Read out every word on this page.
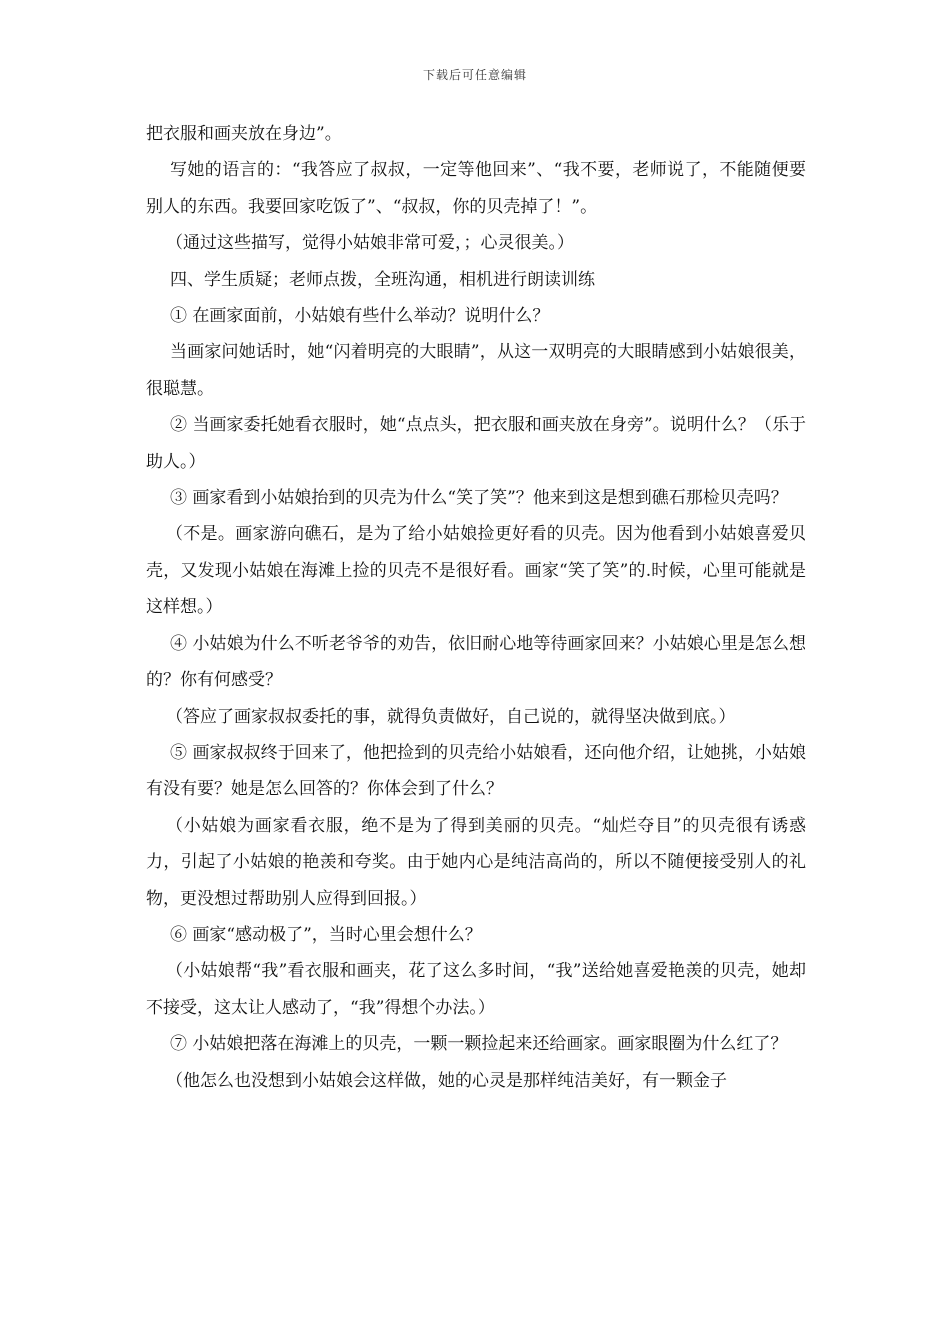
下载后可任意编辑

把衣服和画夹放在身边”。

写她的语言的：“我答应了叔叔，一定等他回来”、“我不要，老师说了，不能随便要别人的东西。我要回家吃饭了”、“叔叔，你的贝壳掉了！”。

（通过这些描写，觉得小姑娘非常可爱，；心灵很美。）

四、学生质疑；老师点拨，全班沟通，相机进行朗读训练

① 在画家面前，小姑娘有些什么举动？说明什么？

当画家问她话时，她“闪着明亮的大眼睛”，从这一双明亮的大眼睛感到小姑娘很美，很聪慧。

② 当画家委托她看衣服时，她“点点头，把衣服和画夹放在身旁”。说明什么？（乐于助人。）

③ 画家看到小姑娘抬到的贝壳为什么“笑了笑”？他来到这是想到礁石那检贝壳吗？

（不是。画家游向礁石，是为了给小姑娘捡更好看的贝壳。因为他看到小姑娘喜爱贝壳，又发现小姑娘在海滩上捡的贝壳不是很好看。画家“笑了笑”的.时候，心里可能就是这样想。）

④ 小姑娘为什么不听老爷爷的劝告，依旧耐心地等待画家回来？小姑娘心里是怎么想的？你有何感受？

（答应了画家叔叔委托的事，就得负责做好，自己说的，就得坚决做到底。）

⑤ 画家叔叔终于回来了，他把捡到的贝壳给小姑娘看，还向他介绍，让她挑，小姑娘有没有要？她是怎么回答的？你体会到了什么？

（小姑娘为画家看衣服，绝不是为了得到美丽的贝壳。“灿烂夺目”的贝壳很有诱惑力，引起了小姑娘的艳羡和夸奖。由于她内心是纯洁高尚的，所以不随便接受别人的礼物，更没想过帮助别人应得到回报。）

⑥ 画家“感动极了”，当时心里会想什么？

（小姑娘帮“我”看衣服和画夹，花了这么多时间，“我”送给她喜爱艳羡的贝壳，她却不接受，这太让人感动了，“我”得想个办法。）

⑦ 小姑娘把落在海滩上的贝壳，一颗一颗捡起来还给画家。画家眼圈为什么红了？

（他怎么也没想到小姑娘会这样做，她的心灵是那样纯洁美好，有一颗金子
